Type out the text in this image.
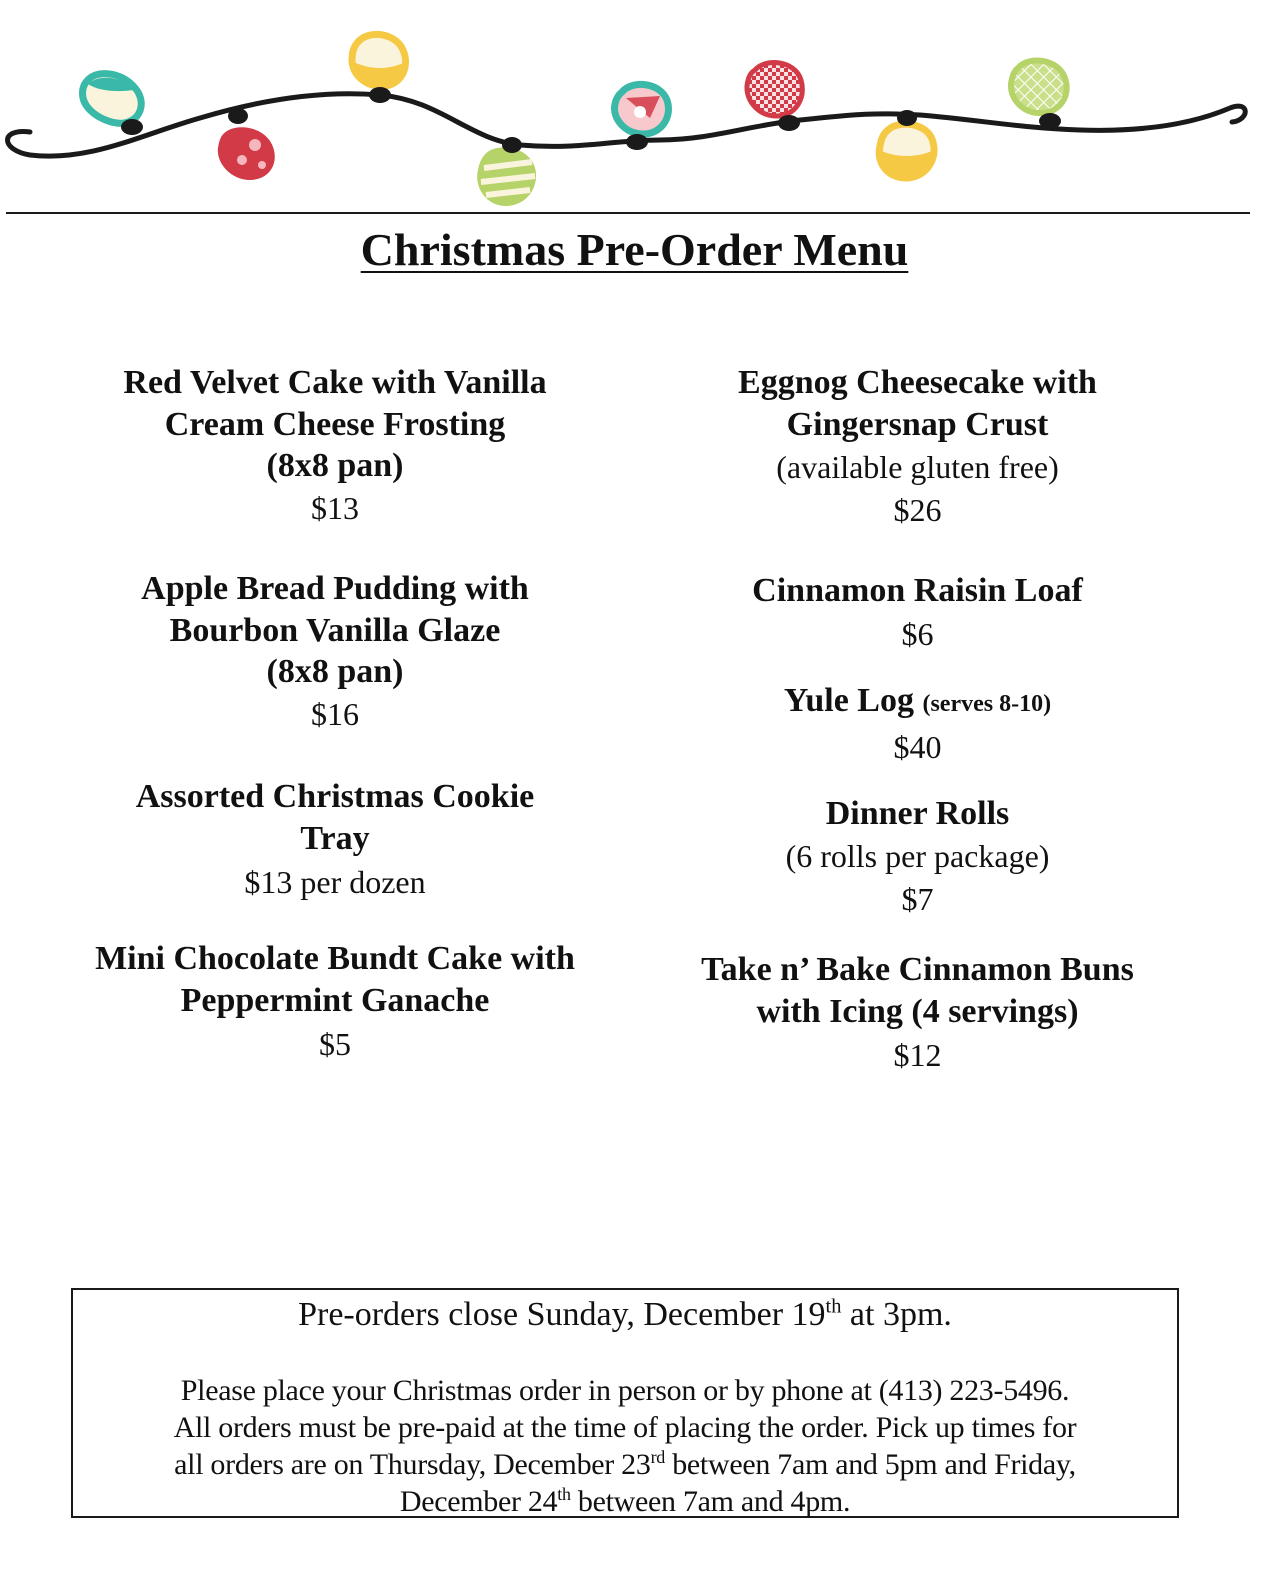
Christmas Pre-Order Menu
Red Velvet Cake with Vanilla
Cream Cheese Frosting
(8x8 pan)
$13
Apple Bread Pudding with
Bourbon Vanilla Glaze
(8x8 pan)
$16
Assorted Christmas Cookie
Tray
$13 per dozen
Mini Chocolate Bundt Cake with
Peppermint Ganache
$5
Eggnog Cheesecake with
Gingersnap Crust
(available gluten free)
$26
Cinnamon Raisin Loaf
$6
Yule Log (serves 8-10)
$40
Dinner Rolls
(6 rolls per package)
$7
Take n’ Bake Cinnamon Buns
with Icing (4 servings)
$12
Pre-orders close Sunday, December 19th at 3pm.
Please place your Christmas order in person or by phone at (413) 223-5496.
All orders must be pre-paid at the time of placing the order. Pick up times for
all orders are on Thursday, December 23rd between 7am and 5pm and Friday,
December 24th between 7am and 4pm.
